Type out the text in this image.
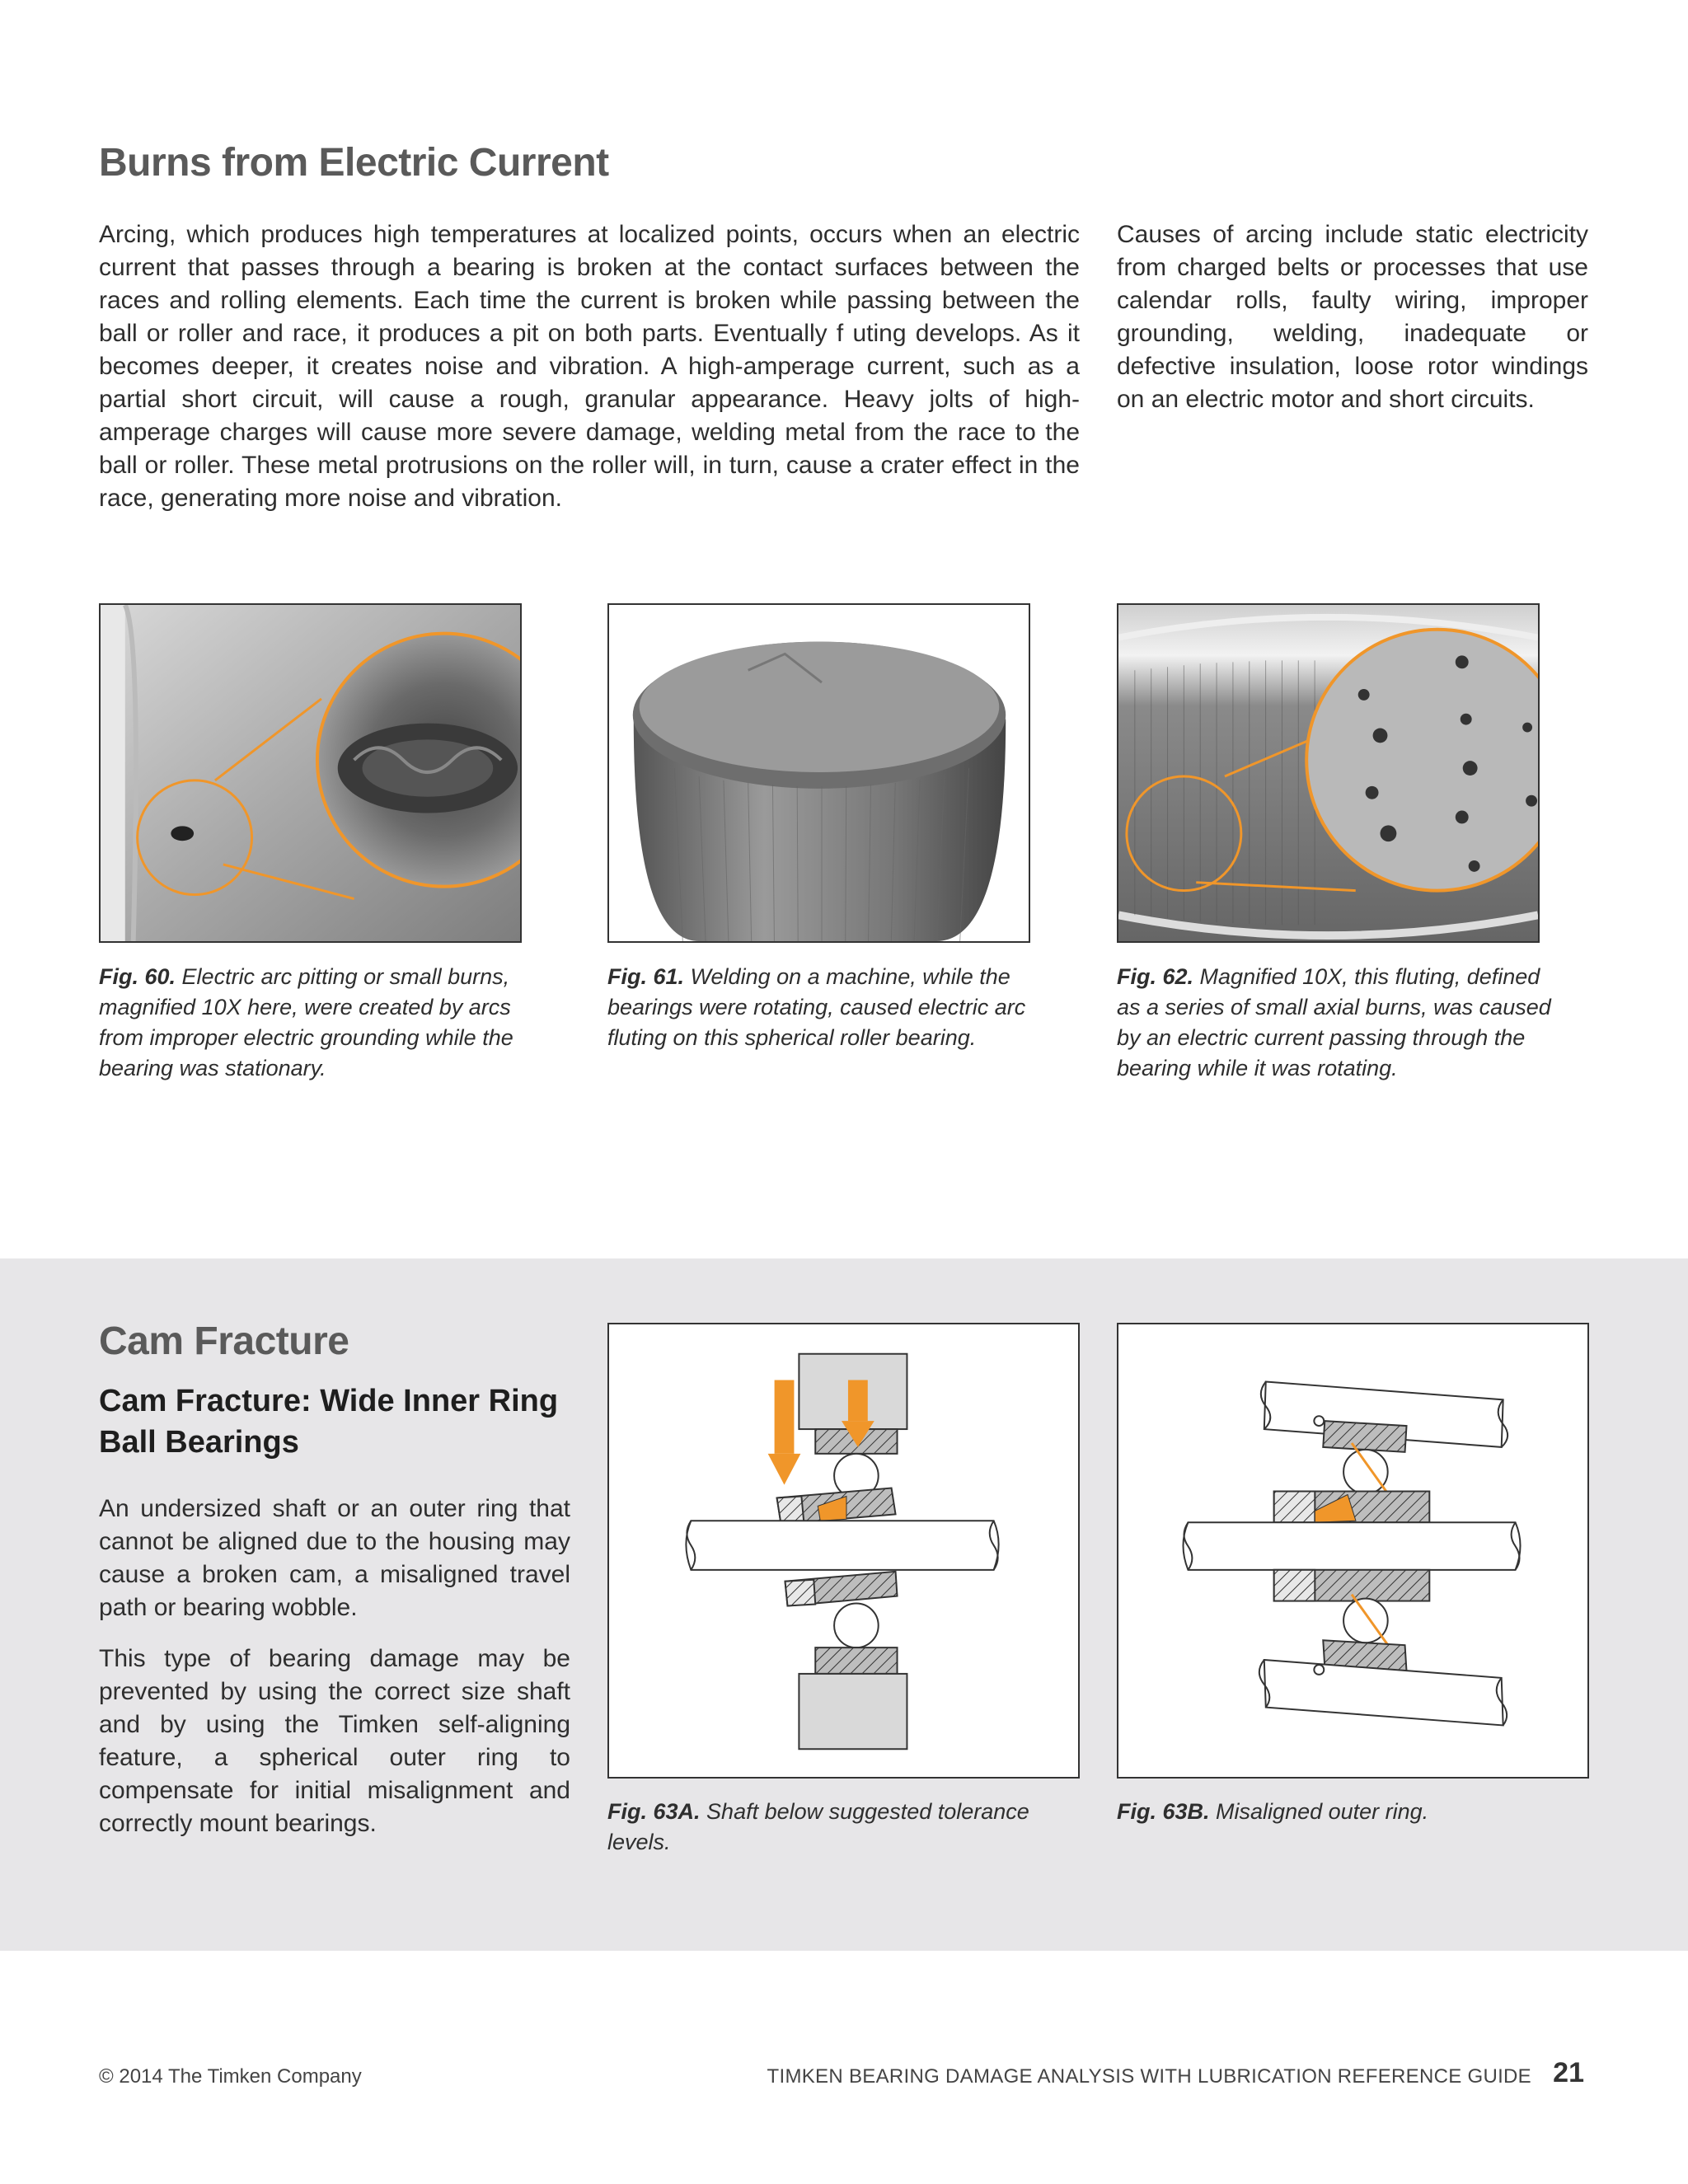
Burns from Electric Current

Arcing, which produces high temperatures at localized points, occurs when an electric current that passes through a bearing is broken at the contact surfaces between the races and rolling elements. Each time the current is broken while passing between the ball or roller and race, it produces a pit on both parts. Eventually f uting develops. As it becomes deeper, it creates noise and vibration. A high-amperage current, such as a partial short circuit, will cause a rough, granular appearance. Heavy jolts of high-amperage charges will cause more severe damage, welding metal from the race to the ball or roller. These metal protrusions on the roller will, in turn, cause a crater effect in the race, generating more noise and vibration.

Causes of arcing include static electricity from charged belts or processes that use calendar rolls, faulty wiring, improper grounding, welding, inadequate or defective insulation, loose rotor windings on an electric motor and short circuits.

Fig. 60. Electric arc pitting or small burns, magnified 10X here, were created by arcs from improper electric grounding while the bearing was stationary.
Fig. 61. Welding on a machine, while the bearings were rotating, caused electric arc fluting on this spherical roller bearing.
Fig. 62. Magnified 10X, this fluting, defined as a series of small axial burns, was caused by an electric current passing through the bearing while it was rotating.
Cam Fracture
Cam Fracture: Wide Inner Ring Ball Bearings

An undersized shaft or an outer ring that cannot be aligned due to the housing may cause a broken cam, a misaligned travel path or bearing wobble.

This type of bearing damage may be prevented by using the correct size shaft and by using the Timken self-aligning feature, a spherical outer ring to compensate for initial misalignment and correctly mount bearings.	Fig. 63A. Shaft below suggested tolerance levels.
Fig. 63B. Misaligned outer ring.
© 2014 The Timken Company	TIMKEN BEARING DAMAGE ANALYSIS WITH LUBRICATION REFERENCE GUIDE 21
